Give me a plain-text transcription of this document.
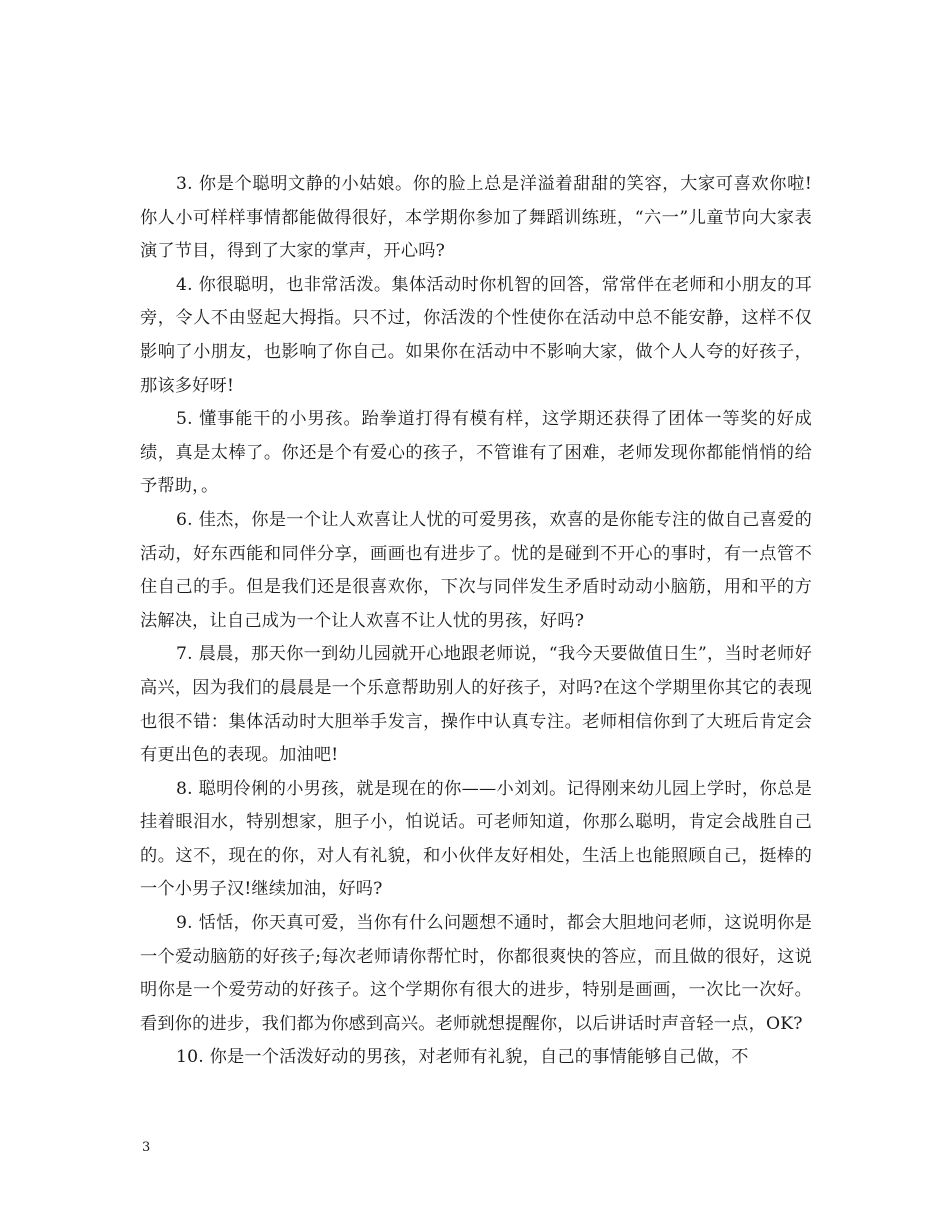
3. 你是个聪明文静的小姑娘。你的脸上总是洋溢着甜甜的笑容，大家可喜欢你啦!你人小可样样事情都能做得很好，本学期你参加了舞蹈训练班，“六一”儿童节向大家表演了节目，得到了大家的掌声，开心吗?

4. 你很聪明，也非常活泼。集体活动时你机智的回答，常常伴在老师和小朋友的耳旁，令人不由竖起大拇指。只不过，你活泼的个性使你在活动中总不能安静，这样不仅影响了小朋友，也影响了你自己。如果你在活动中不影响大家，做个人人夸的好孩子，那该多好呀!

5. 懂事能干的小男孩。跆拳道打得有模有样，这学期还获得了团体一等奖的好成绩，真是太棒了。你还是个有爱心的孩子，不管谁有了困难，老师发现你都能悄悄的给予帮助，。

6. 佳杰，你是一个让人欢喜让人忧的可爱男孩，欢喜的是你能专注的做自己喜爱的活动，好东西能和同伴分享，画画也有进步了。忧的是碰到不开心的事时，有一点管不住自己的手。但是我们还是很喜欢你，下次与同伴发生矛盾时动动小脑筋，用和平的方法解决，让自己成为一个让人欢喜不让人忧的男孩，好吗?

7. 晨晨，那天你一到幼儿园就开心地跟老师说，“我今天要做值日生”，当时老师好高兴，因为我们的晨晨是一个乐意帮助别人的好孩子，对吗?在这个学期里你其它的表现也很不错：集体活动时大胆举手发言，操作中认真专注。老师相信你到了大班后肯定会有更出色的表现。加油吧!

8. 聪明伶俐的小男孩，就是现在的你——小刘刘。记得刚来幼儿园上学时，你总是挂着眼泪水，特别想家，胆子小，怕说话。可老师知道，你那么聪明，肯定会战胜自己的。这不，现在的你，对人有礼貌，和小伙伴友好相处，生活上也能照顾自己，挺棒的一个小男子汉!继续加油，好吗?

9. 恬恬，你天真可爱，当你有什么问题想不通时，都会大胆地问老师，这说明你是一个爱动脑筋的好孩子;每次老师请你帮忙时，你都很爽快的答应，而且做的很好，这说明你是一个爱劳动的好孩子。这个学期你有很大的进步，特别是画画，一次比一次好。看到你的进步，我们都为你感到高兴。老师就想提醒你，以后讲话时声音轻一点，OK?

10. 你是一个活泼好动的男孩，对老师有礼貌，自己的事情能够自己做，不

3
